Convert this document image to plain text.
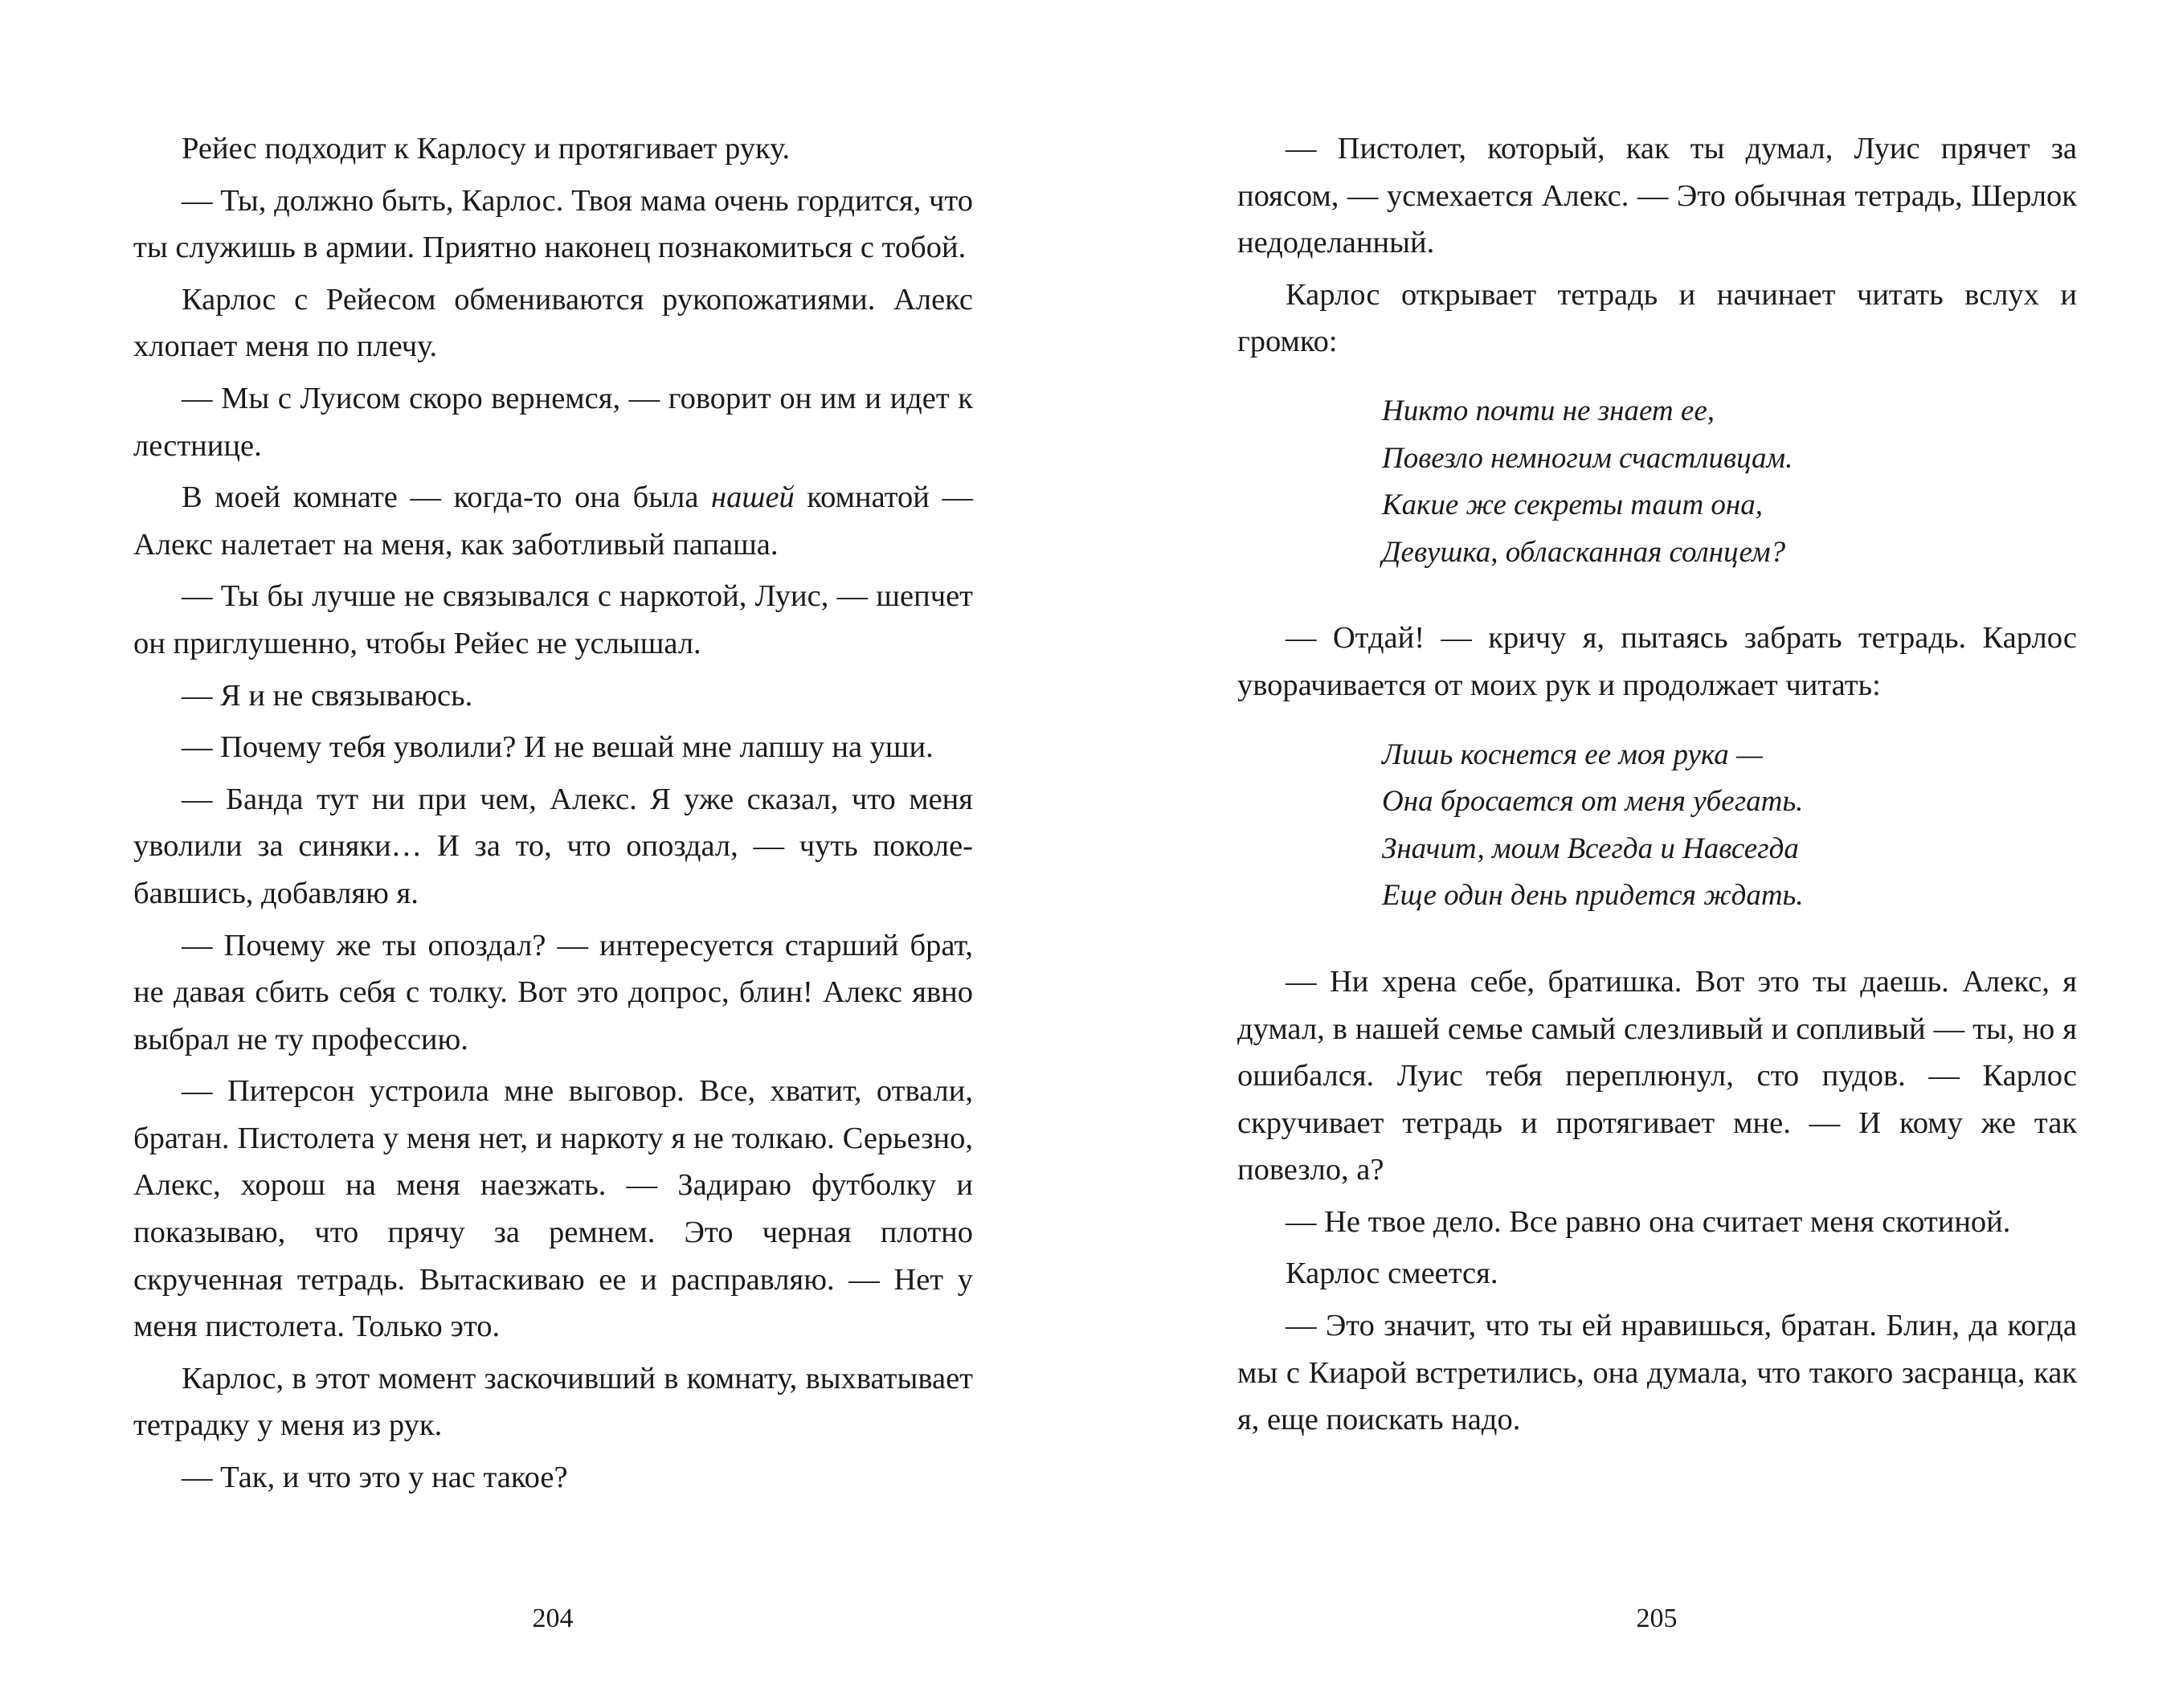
Рейес подходит к Карлосу и протягивает руку.

— Ты, должно быть, Карлос. Твоя мама очень гордится, что ты служишь в армии. Приятно наконец познакомиться с тобой.

Карлос с Рейесом обмениваются рукопожатиями. Алекс хлопает меня по плечу.

— Мы с Луисом скоро вернемся, — говорит он им и идет к лестнице.

В моей комнате — когда-то она была нашей комнатой — Алекс налетает на меня, как заботливый папаша.

— Ты бы лучше не связывался с наркотой, Луис, — шепчет он приглушенно, чтобы Рейес не услышал.

— Я и не связываюсь.

— Почему тебя уволили? И не вешай мне лапшу на уши.

— Банда тут ни при чем, Алекс. Я уже сказал, что меня уволили за синяки… И за то, что опоздал, — чуть поколебавшись, добавляю я.

— Почему же ты опоздал? — интересуется старший брат, не давая сбить себя с толку. Вот это допрос, блин! Алекс явно выбрал не ту профессию.

— Питерсон устроила мне выговор. Все, хватит, отвали, братан. Пистолета у меня нет, и наркоту я не толкаю. Серьезно, Алекс, хорош на меня наезжать. — Задираю футболку и показываю, что прячу за ремнем. Это черная плотно скрученная тетрадь. Вытаскиваю ее и расправляю. — Нет у меня пистолета. Только это.

Карлос, в этот момент заскочивший в комнату, выхватывает тетрадку у меня из рук.

— Так, и что это у нас такое?

204

— Пистолет, который, как ты думал, Луис прячет за поясом, — усмехается Алекс. — Это обычная тетрадь, Шерлок недоделанный.

Карлос открывает тетрадь и начинает читать вслух и громко:

Никто почти не знает ее,
Повезло немногим счастливцам.
Какие же секреты таит она,
Девушка, обласканная солнцем?

— Отдай! — кричу я, пытаясь забрать тетрадь. Карлос уворачивается от моих рук и продолжает читать:

Лишь коснется ее моя рука —
Она бросается от меня убегать.
Значит, моим Всегда и Навсегда
Еще один день придется ждать.

— Ни хрена себе, братишка. Вот это ты даешь. Алекс, я думал, в нашей семье самый слезливый и сопливый — ты, но я ошибался. Луис тебя переплюнул, сто пудов. — Карлос скручивает тетрадь и протягивает мне. — И кому же так повезло, а?

— Не твое дело. Все равно она считает меня скотиной.

Карлос смеется.

— Это значит, что ты ей нравишься, братан. Блин, да когда мы с Киарой встретились, она думала, что такого засранца, как я, еще поискать надо.

205
